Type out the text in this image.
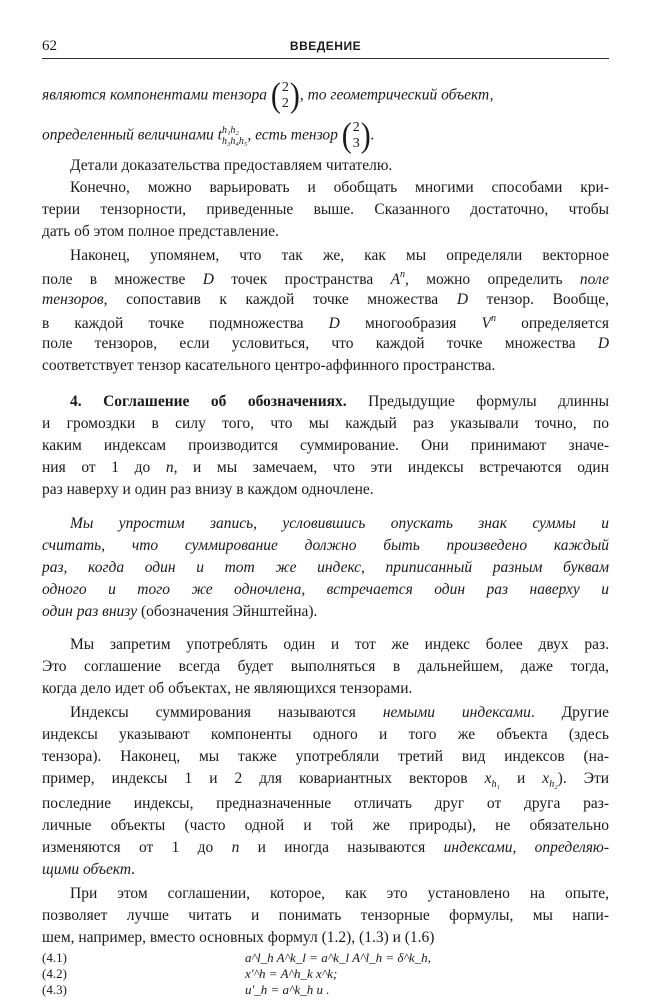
62	ВВЕДЕНИЕ
являются компонентами тензора ( 2
2 ), то геометрический объект,
определенный величинами t h₁h₂
h₃h₄h₅ , есть тензор ( 2
3 ).
Детали доказательства предоставляем читателю.
Конечно, можно варьировать и обобщать многими способами кри-
терии тензорности, приведенные выше. Сказанного достаточно, чтобы
дать об этом полное представление.
Наконец, упомянем, что так же, как мы определяли векторное
поле в множестве D точек пространства $A^n$, можно определить поле
тензоров, сопоставив к каждой точке множества D тензор. Вообще,
в каждой точке подмножества D многообразия $V^n$ определяется
поле тензоров, если условиться, что каждой точке множества D
соответствует тензор касательного центро-аффинного пространства.
4. Соглашение об обозначениях. Предыдущие формулы длинны
и громоздки в силу того, что мы каждый раз указывали точно, по
каким индексам производится суммирование. Они принимают значе-
ния от 1 до n, и мы замечаем, что эти индексы встречаются один
раз наверху и один раз внизу в каждом одночлене.
Мы упростим запись, условившись опускать знак суммы и
считать, что суммирование должно быть произведено каждый
раз, когда один и тот же индекс, приписанный разным буквам
одного и того же одночлена, встречается один раз наверху и
один раз внизу (обозначения Эйнштейна).
Мы запретим употреблять один и тот же индекс более двух раз.
Это соглашение всегда будет выполняться в дальнейшем, даже тогда,
когда дело идет об объектах, не являющихся тензорами.
Индексы суммирования называются немыми индексами. Другие
индексы указывают компоненты одного и того же объекта (здесь
тензора). Наконец, мы также употребляли третий вид индексов (на-
пример, индексы 1 и 2 для ковариантных векторов $x_{h_1}$ и $x_{h_2}$). Эти
последние индексы, предназначенные отличать друг от друга раз-
личные объекты (часто одной и той же природы), не обязательно
изменяются от 1 до n и иногда называются индексами, определяю-
щими объект.
При этом соглашении, которое, как это установлено на опыте,
позволяет лучше читать и понимать тензорные формулы, мы напи-
шем, например, вместо основных формул (1.2), (1.3) и (1.6)
(4.1)	a^l_h A^k_l = a^k_l A^l_h = δ^k_h,
(4.2)	x'^h = A^h_k x^k;
(4.3)	u'_h = a^k_h u .
